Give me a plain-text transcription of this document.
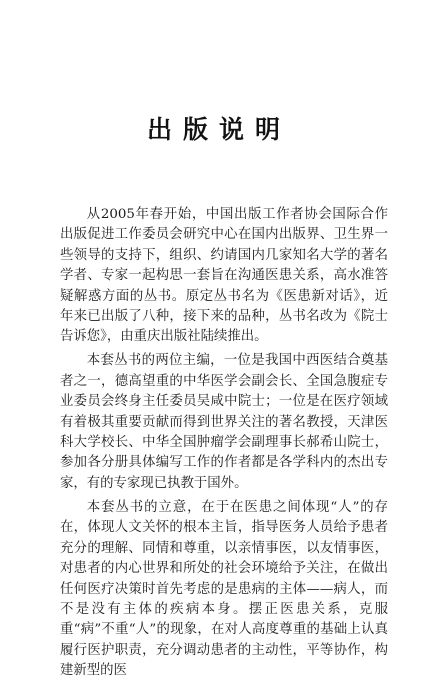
出版说明

从2005年春开始，中国出版工作者协会国际合作出版促进工作委员会研究中心在国内出版界、卫生界一些领导的支持下，组织、约请国内几家知名大学的著名学者、专家一起构思一套旨在沟通医患关系，高水准答疑解惑方面的丛书。原定丛书名为《医患新对话》，近年来已出版了八种，接下来的品种，丛书名改为《院士告诉您》，由重庆出版社陆续推出。

本套丛书的两位主编，一位是我国中西医结合奠基者之一，德高望重的中华医学会副会长、全国急腹症专业委员会终身主任委员吴咸中院士；一位是在医疗领域有着极其重要贡献而得到世界关注的著名教授，天津医科大学校长、中华全国肿瘤学会副理事长郝希山院士，参加各分册具体编写工作的作者都是各学科内的杰出专家，有的专家现已执教于国外。

本套丛书的立意，在于在医患之间体现“人”的存在，体现人文关怀的根本主旨，指导医务人员给予患者充分的理解、同情和尊重，以亲情事医，以友情事医，对患者的内心世界和所处的社会环境给予关注，在做出任何医疗决策时首先考虑的是患病的主体——病人，而不是没有主体的疾病本身。摆正医患关系，克服重“病”不重“人”的现象，在对人高度尊重的基础上认真履行医护职责，充分调动患者的主动性，平等协作，构建新型的医
